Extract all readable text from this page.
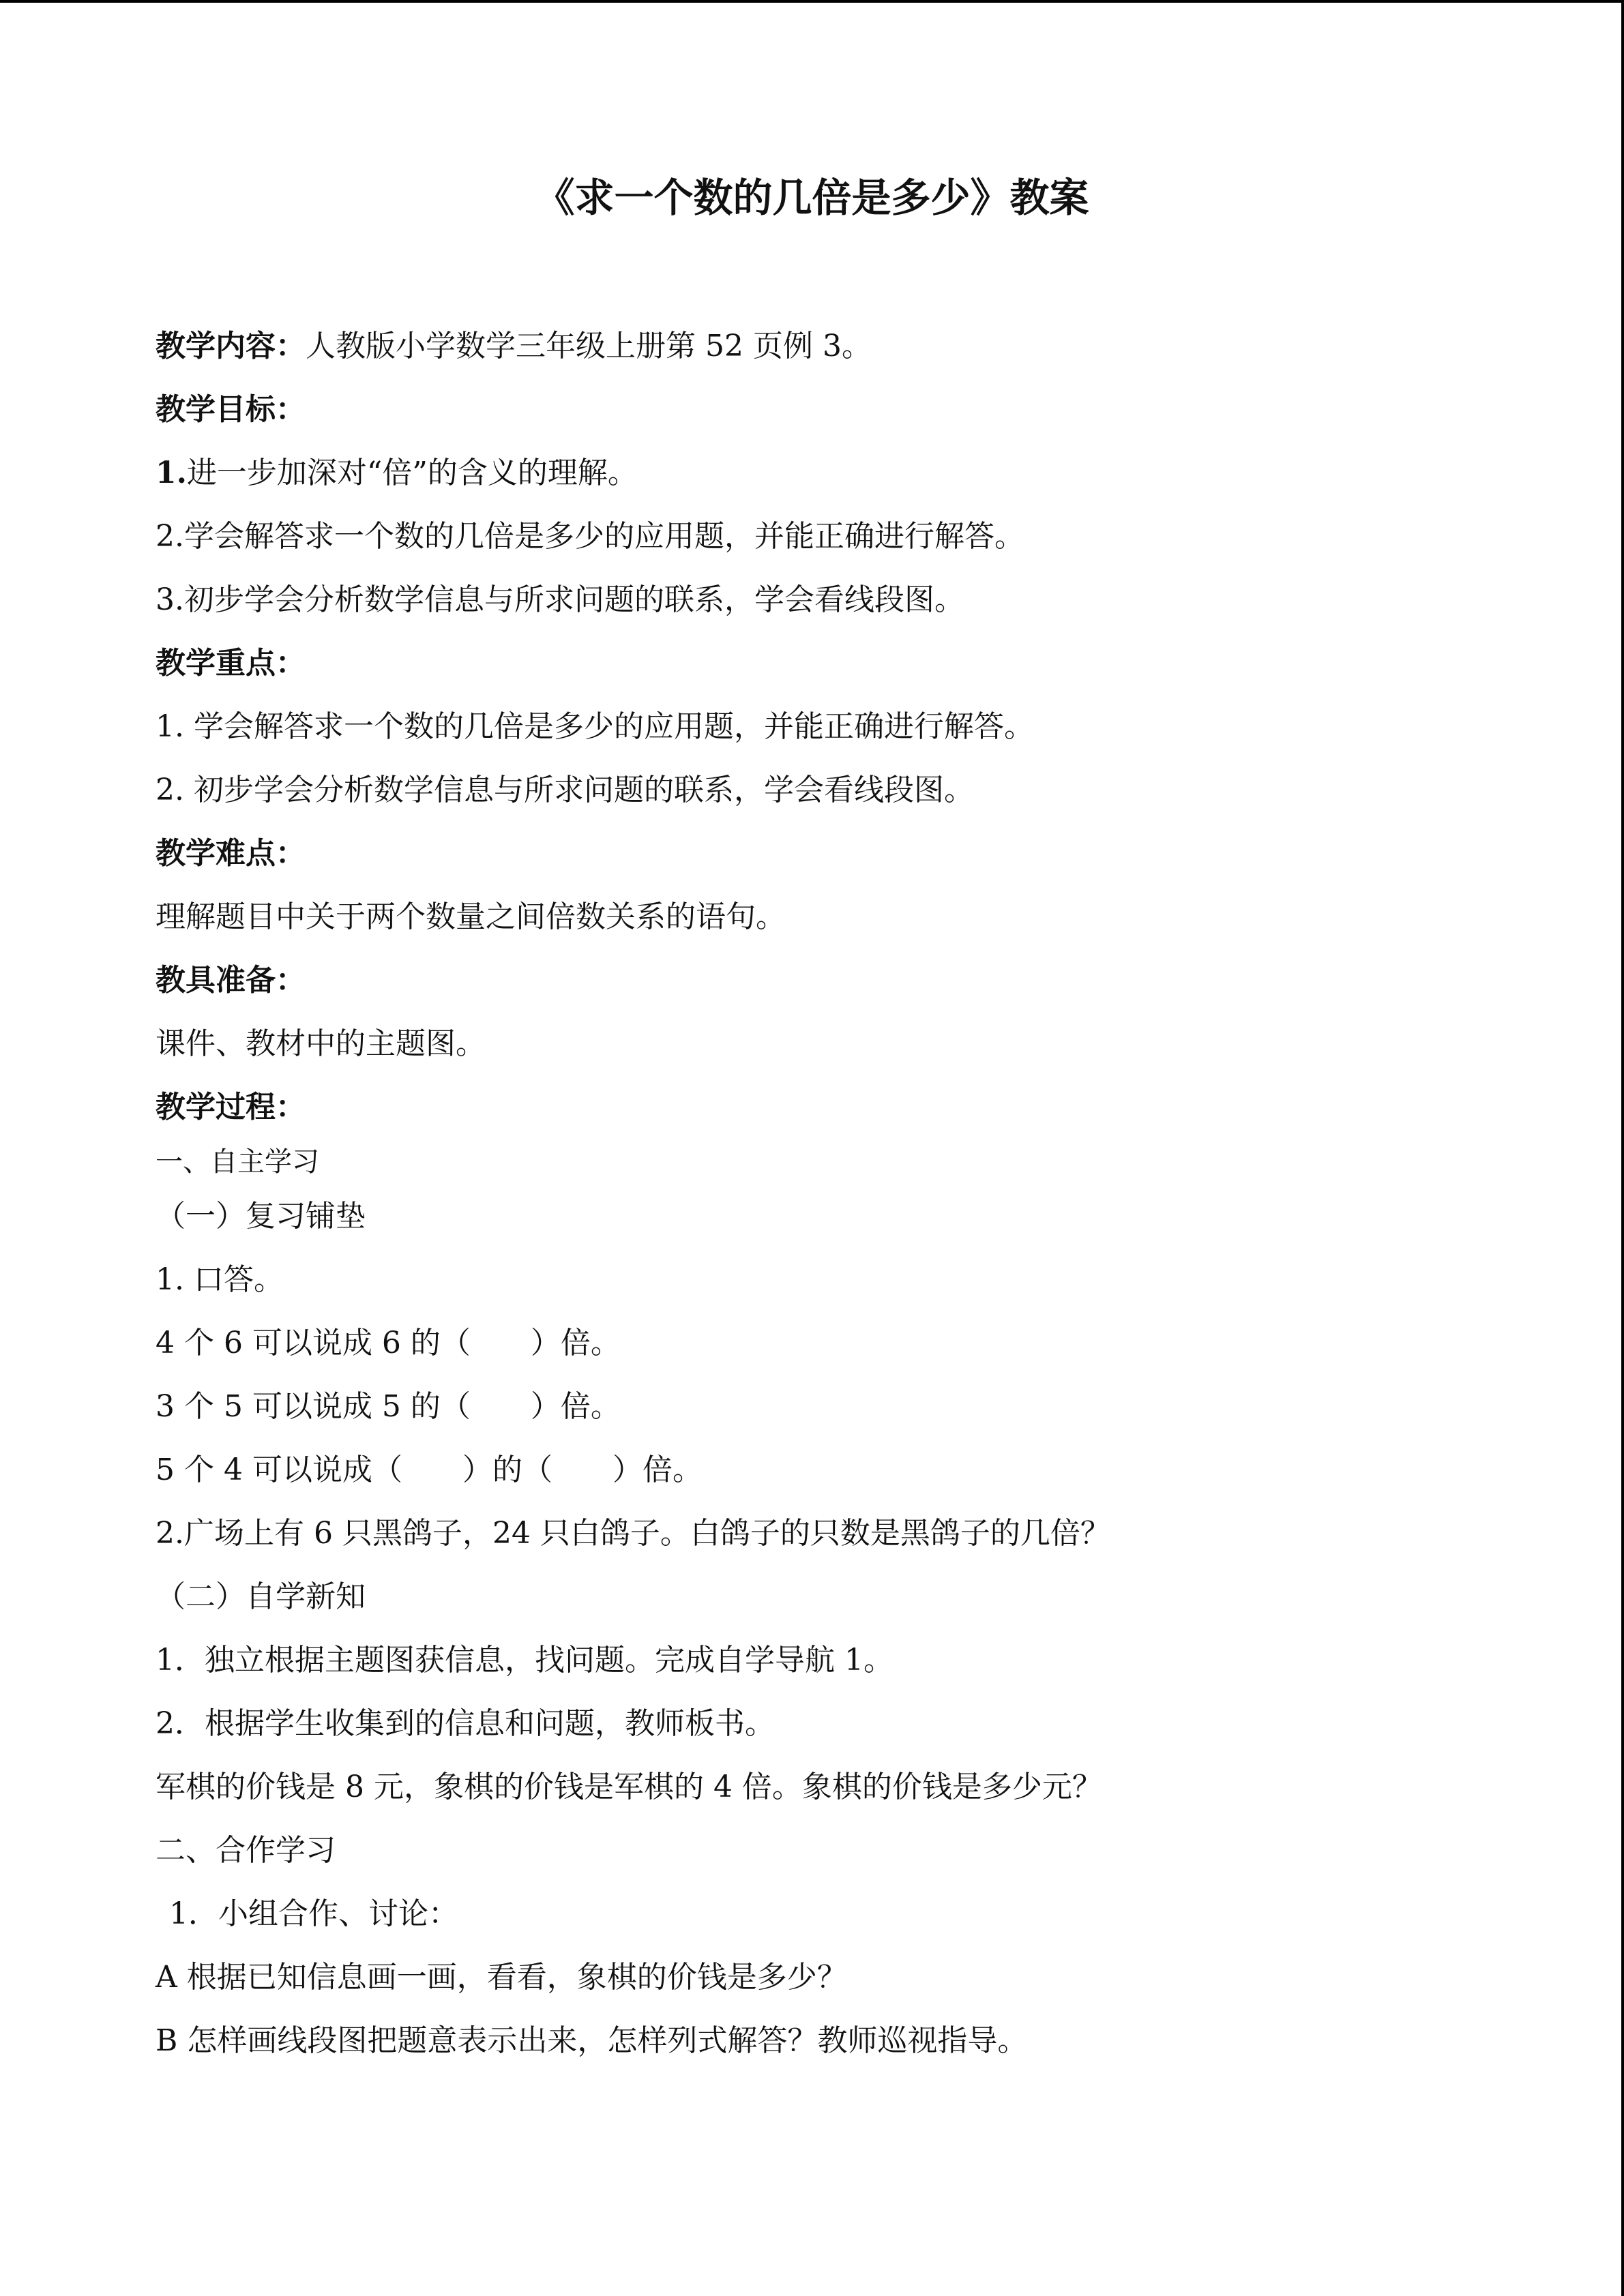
《求一个数的几倍是多少》教案

教学内容：人教版小学数学三年级上册第 52 页例 3。

教学目标：

1.进一步加深对“倍”的含义的理解。

2.学会解答求一个数的几倍是多少的应用题，并能正确进行解答。

3.初步学会分析数学信息与所求问题的联系，学会看线段图。

教学重点：

1. 学会解答求一个数的几倍是多少的应用题，并能正确进行解答。

2. 初步学会分析数学信息与所求问题的联系，学会看线段图。

教学难点：

理解题目中关于两个数量之间倍数关系的语句。

教具准备：

课件、教材中的主题图。

教学过程：

一、自主学习

（一）复习铺垫

1. 口答。

4 个 6 可以说成 6 的（　　）倍。

3 个 5 可以说成 5 的（　　）倍。

5 个 4 可以说成（　　）的（　　）倍。

2.广场上有 6 只黑鸽子，24 只白鸽子。白鸽子的只数是黑鸽子的几倍？

（二）自学新知

1．独立根据主题图获信息，找问题。完成自学导航 1。

2．根据学生收集到的信息和问题，教师板书。

军棋的价钱是 8 元，象棋的价钱是军棋的 4 倍。象棋的价钱是多少元？

二、合作学习

1．小组合作、讨论：

A 根据已知信息画一画，看看，象棋的价钱是多少？

B 怎样画线段图把题意表示出来，怎样列式解答？教师巡视指导。
